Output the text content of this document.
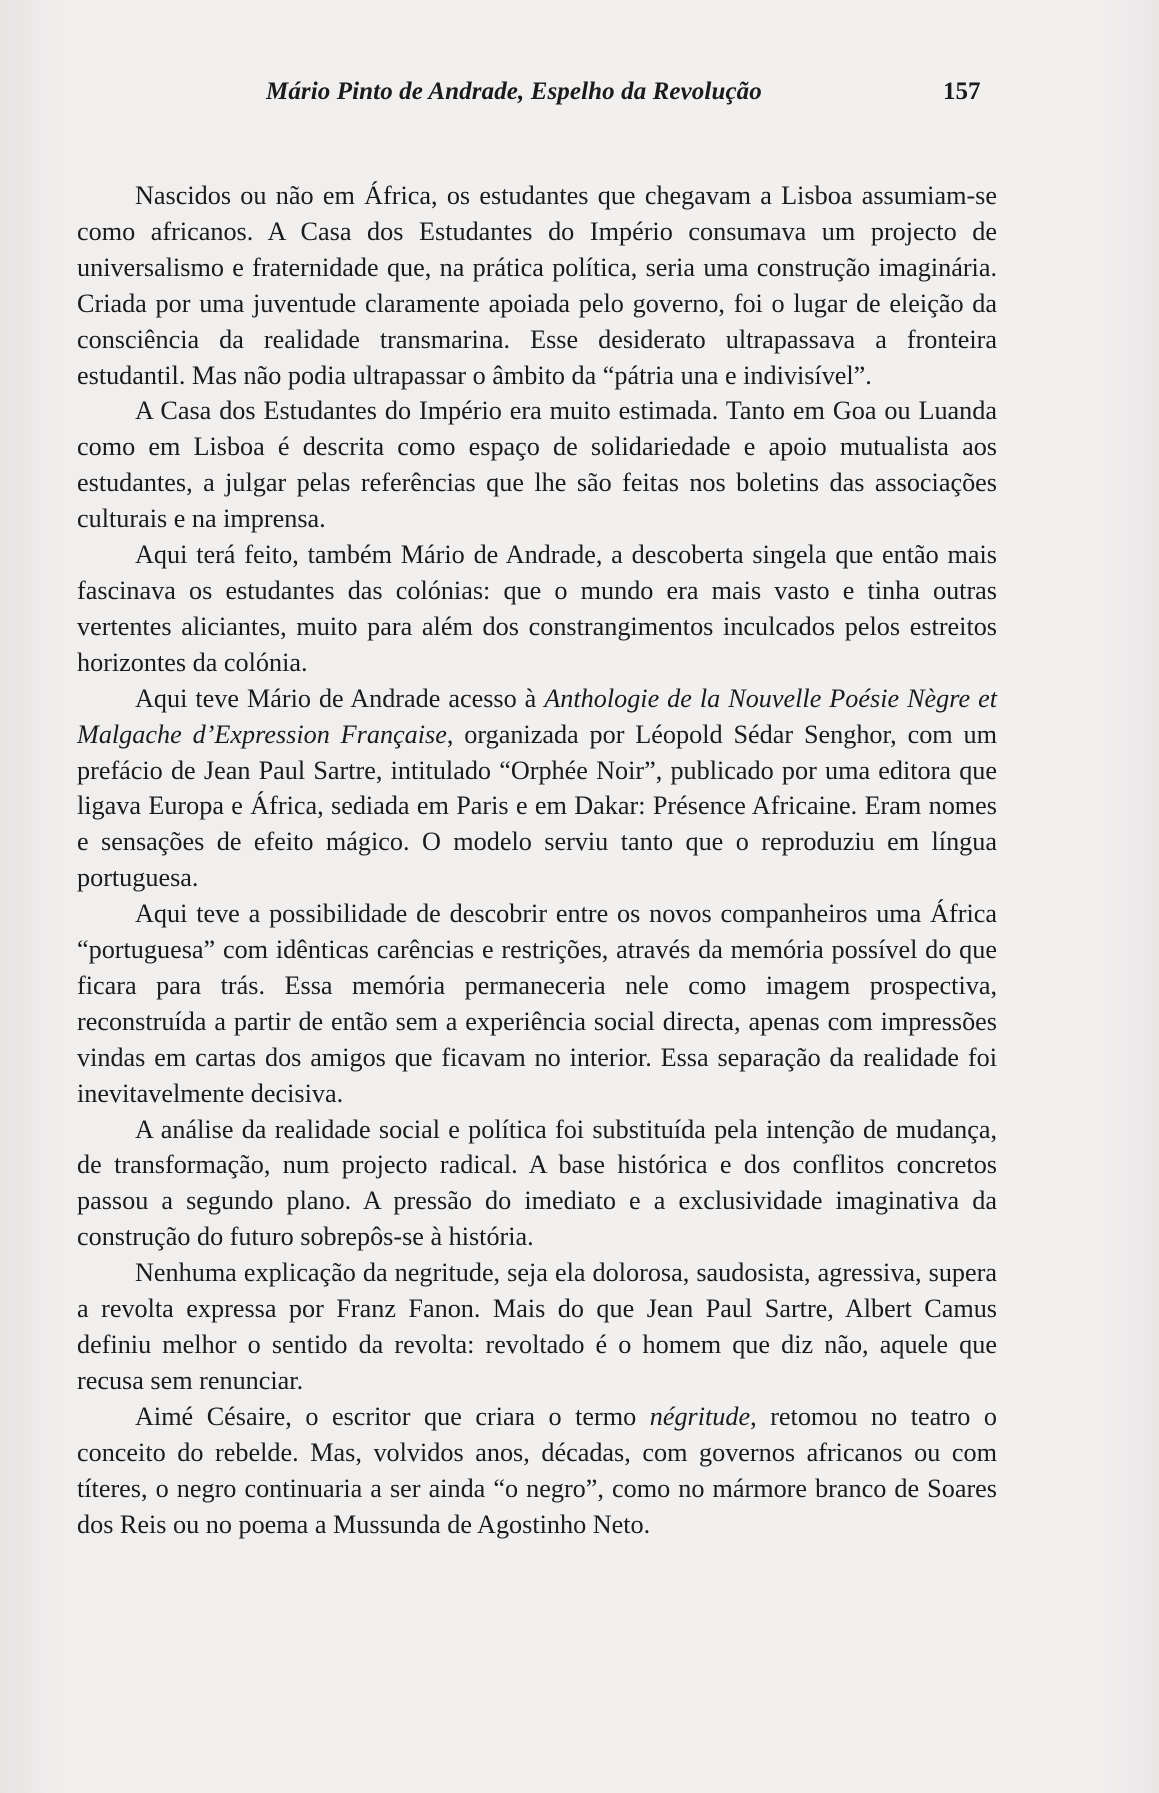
Mário Pinto de Andrade, Espelho da Revolução	157

Nascidos ou não em África, os estudantes que chegavam a Lisboa assumiam-se como africanos. A Casa dos Estudantes do Império consumava um projecto de universalismo e fraternidade que, na prática política, seria uma construção imaginária. Criada por uma juventude claramente apoiada pelo governo, foi o lugar de eleição da consciência da realidade transmarina. Esse desiderato ultrapassava a fronteira estudantil. Mas não podia ultrapassar o âmbito da “pátria una e indivisível”.

A Casa dos Estudantes do Império era muito estimada. Tanto em Goa ou Luanda como em Lisboa é descrita como espaço de solidariedade e apoio mutualista aos estudantes, a julgar pelas referências que lhe são feitas nos boletins das associações culturais e na imprensa.

Aqui terá feito, também Mário de Andrade, a descoberta singela que então mais fascinava os estudantes das colónias: que o mundo era mais vasto e tinha outras vertentes aliciantes, muito para além dos constrangimentos inculcados pelos estreitos horizontes da colónia.

Aqui teve Mário de Andrade acesso à Anthologie de la Nouvelle Poésie Nègre et Malgache d’Expression Française, organizada por Léopold Sédar Senghor, com um prefácio de Jean Paul Sartre, intitulado “Orphée Noir”, publicado por uma editora que ligava Europa e África, sediada em Paris e em Dakar: Présence Africaine. Eram nomes e sensações de efeito mágico. O modelo serviu tanto que o reproduziu em língua portuguesa.

Aqui teve a possibilidade de descobrir entre os novos companheiros uma África “portuguesa” com idênticas carências e restrições, através da memória possível do que ficara para trás. Essa memória permaneceria nele como imagem prospectiva, reconstruída a partir de então sem a experiência social directa, apenas com impressões vindas em cartas dos amigos que ficavam no interior. Essa separação da realidade foi inevitavelmente decisiva.

A análise da realidade social e política foi substituída pela intenção de mudança, de transformação, num projecto radical. A base histórica e dos conflitos concretos passou a segundo plano. A pressão do imediato e a exclusividade imaginativa da construção do futuro sobrepôs-se à história.

Nenhuma explicação da negritude, seja ela dolorosa, saudosista, agressiva, supera a revolta expressa por Franz Fanon. Mais do que Jean Paul Sartre, Albert Camus definiu melhor o sentido da revolta: revoltado é o homem que diz não, aquele que recusa sem renunciar.

Aimé Césaire, o escritor que criara o termo négritude, retomou no teatro o conceito do rebelde. Mas, volvidos anos, décadas, com governos africanos ou com títeres, o negro continuaria a ser ainda “o negro”, como no mármore branco de Soares dos Reis ou no poema a Mussunda de Agostinho Neto.
